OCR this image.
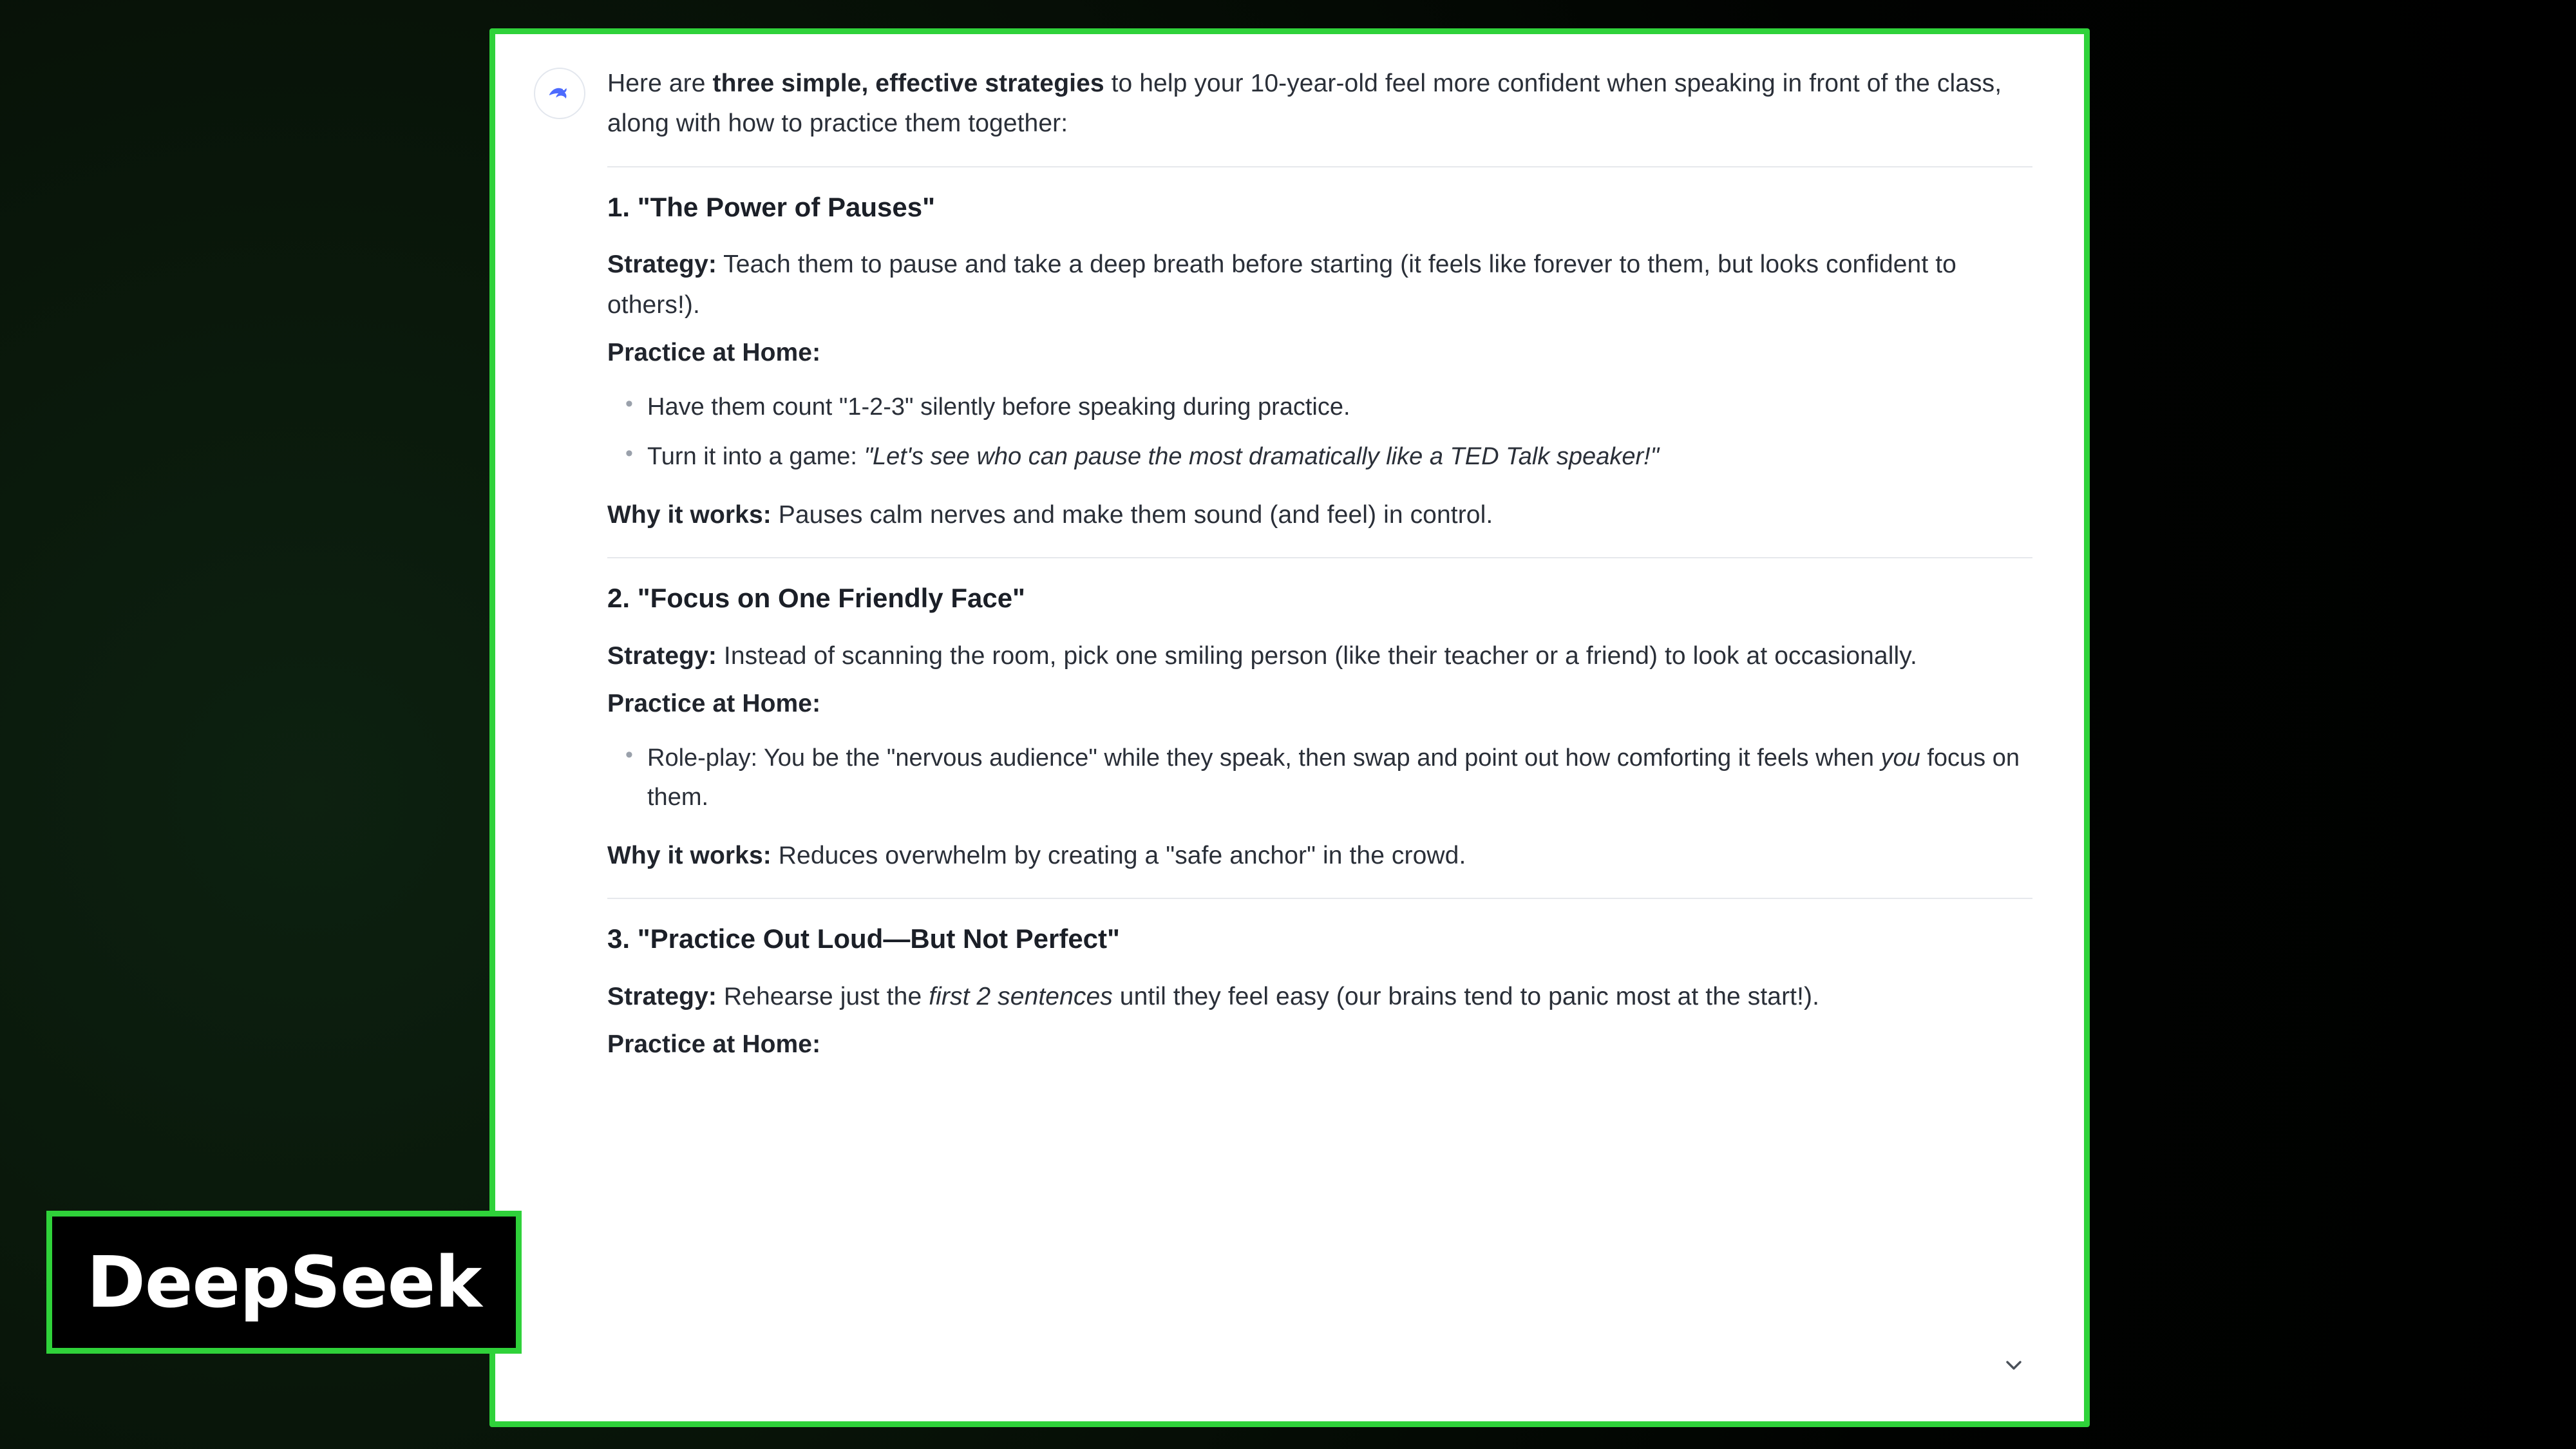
Here are three simple, effective strategies to help your 10-year-old feel more confident when speaking in front of the class, along with how to practice them together:

1. "The Power of Pauses"

Strategy: Teach them to pause and take a deep breath before starting (it feels like forever to them, but looks confident to others!).

Practice at Home:

• Have them count "1-2-3" silently before speaking during practice.
• Turn it into a game: "Let's see who can pause the most dramatically like a TED Talk speaker!"

Why it works: Pauses calm nerves and make them sound (and feel) in control.

2. "Focus on One Friendly Face"

Strategy: Instead of scanning the room, pick one smiling person (like their teacher or a friend) to look at occasionally.

Practice at Home:

• Role-play: You be the "nervous audience" while they speak, then swap and point out how comforting it feels when you focus on them.

Why it works: Reduces overwhelm by creating a "safe anchor" in the crowd.

3. "Practice Out Loud—But Not Perfect"

Strategy: Rehearse just the first 2 sentences until they feel easy (our brains tend to panic most at the start!).

Practice at Home:

DeepSeek
